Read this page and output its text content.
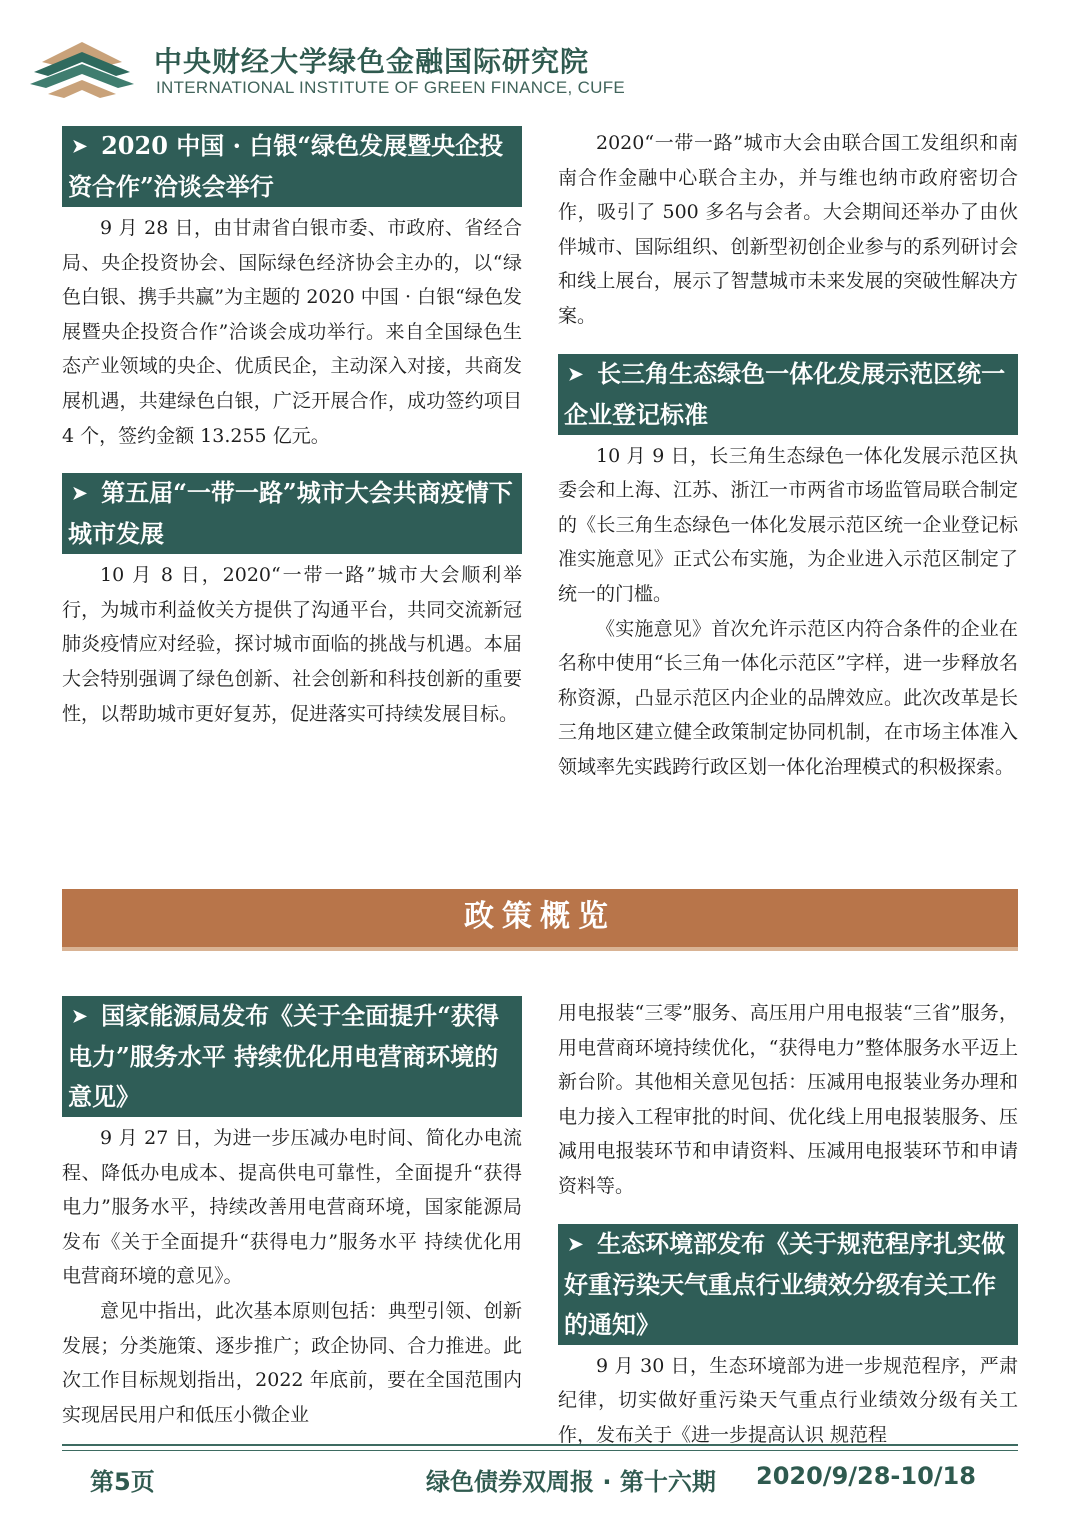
中央财经大学绿色金融国际研究院
INTERNATIONAL INSTITUTE OF GREEN FINANCE, CUFE
➤ 2020 中国 · 白银“绿色发展暨央企投资合作”洽谈会举行

9 月 28 日，由甘肃省白银市委、市政府、省经合局、央企投资协会、国际绿色经济协会主办的，以“绿色白银、携手共赢”为主题的 2020 中国 · 白银“绿色发展暨央企投资合作”洽谈会成功举行。来自全国绿色生态产业领域的央企、优质民企，主动深入对接，共商发展机遇，共建绿色白银，广泛开展合作，成功签约项目 4 个，签约金额 13.255 亿元。

➤ 第五届“一带一路”城市大会共商疫情下城市发展

10 月 8 日，2020“一带一路”城市大会顺利举行，为城市利益攸关方提供了沟通平台，共同交流新冠肺炎疫情应对经验，探讨城市面临的挑战与机遇。本届大会特别强调了绿色创新、社会创新和科技创新的重要性，以帮助城市更好复苏，促进落实可持续发展目标。

2020“一带一路”城市大会由联合国工发组织和南南合作金融中心联合主办，并与维也纳市政府密切合作，吸引了 500 多名与会者。大会期间还举办了由伙伴城市、国际组织、创新型初创企业参与的系列研讨会和线上展台，展示了智慧城市未来发展的突破性解决方案。

➤ 长三角生态绿色一体化发展示范区统一企业登记标准

10 月 9 日，长三角生态绿色一体化发展示范区执委会和上海、江苏、浙江一市两省市场监管局联合制定的《长三角生态绿色一体化发展示范区统一企业登记标准实施意见》正式公布实施，为企业进入示范区制定了统一的门槛。

《实施意见》首次允许示范区内符合条件的企业在名称中使用“长三角一体化示范区”字样，进一步释放名称资源，凸显示范区内企业的品牌效应。此次改革是长三角地区建立健全政策制定协同机制，在市场主体准入领域率先实践跨行政区划一体化治理模式的积极探索。

政策概览
➤ 国家能源局发布《关于全面提升“获得电力”服务水平 持续优化用电营商环境的意见》

9 月 27 日，为进一步压减办电时间、简化办电流程、降低办电成本、提高供电可靠性，全面提升“获得电力”服务水平，持续改善用电营商环境，国家能源局发布《关于全面提升“获得电力”服务水平 持续优化用电营商环境的意见》。

意见中指出，此次基本原则包括：典型引领、创新发展；分类施策、逐步推广；政企协同、合力推进。此次工作目标规划指出，2022 年底前，要在全国范围内实现居民用户和低压小微企业

用电报装“三零”服务、高压用户用电报装“三省”服务，用电营商环境持续优化，“获得电力”整体服务水平迈上新台阶。其他相关意见包括：压减用电报装业务办理和电力接入工程审批的时间、优化线上用电报装服务、压减用电报装环节和申请资料、压减用电报装环节和申请资料等。

➤ 生态环境部发布《关于规范程序扎实做好重污染天气重点行业绩效分级有关工作的通知》

9 月 30 日，生态环境部为进一步规范程序，严肃纪律，切实做好重污染天气重点行业绩效分级有关工作，发布关于《进一步提高认识 规范程

第5页	绿色债券双周报 · 第十六期 2020/9/28-10/18
